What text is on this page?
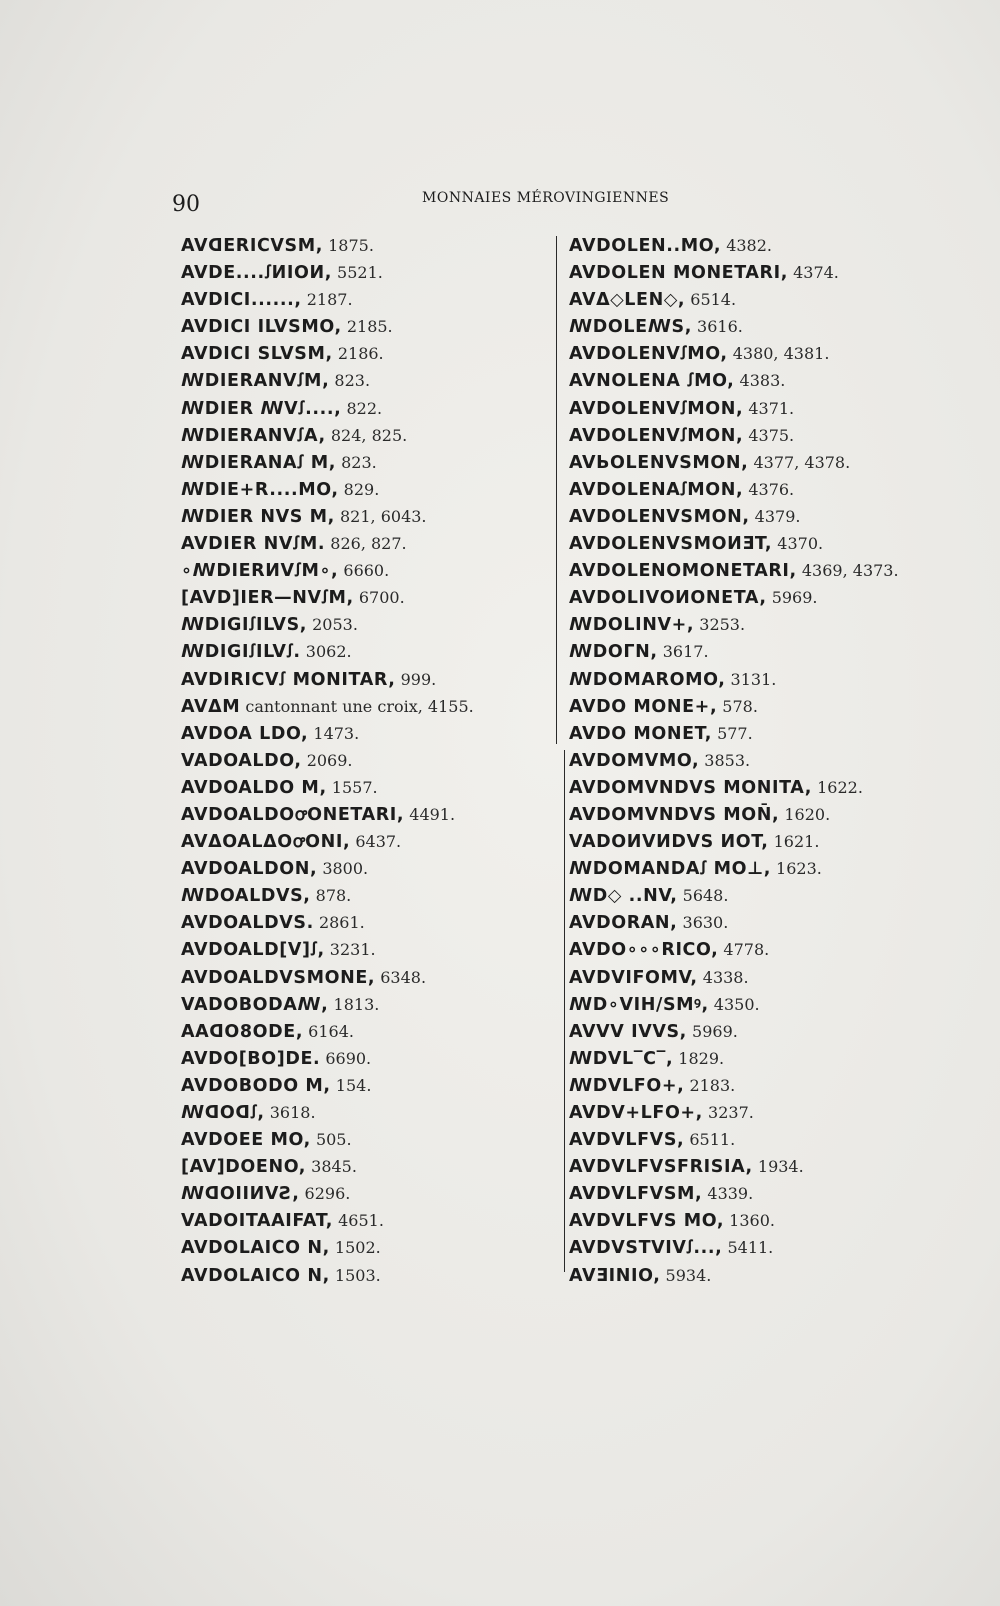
90	MONNAIES MÉROVINGIENNES
AVꓷERIꓚVSM, 1875.
AVDE....ꭍИIOИ, 5521.
AVDICI......, 2187.
AVDICI ILVSMO, 2185.
AVDICI SLVSM, 2186.
ꟿDIERANVꭍM, 823.
ꟿDIER ꟿVꭍ...., 822.
ꟿDIERANVꭍA, 824, 825.
ꟿDIERANAꭍ M, 823.
ꟿDIE+R....MO, 829.
ꟿDIER NVS M, 821, 6043.
AVDIER NVꭍM. 826, 827.
∘ꟿDIERИVꭍM∘, 6660.
[AVD]IER—NVꭍM, 6700.
ꟿDIGIꭍILVS, 2053.
ꟿDIGIꭍILVꭍ. 3062.
AVDIRICVꭍ MONITAR, 999.
AVΔM cantonnant une croix, 4155.
AVDOA LDO, 1473.
VADOALDO, 2069.
AVDOALDO M, 1557.
AVDOALDOꝍONETARI, 4491.
AVΔOALΔOꝍONI, 6437.
AVDOALDON, 3800.
ꟿDOALDVS, 878.
AVDOALDVS. 2861.
AVDOALD[V]ꭍ, 3231.
AVDOALDVSMONE, 6348.
VADOBODAꟿ, 1813.
AAꓷO8ODE, 6164.
AVDO[BO]DE. 6690.
AVDOBODO M, 154.
ꟿꓷOꓷꭍ, 3618.
AVDOEE MO, 505.
[AV]DOENO, 3845.
ꟿꓷOIIИVƧ, 6296.
VADOITAAIFAT, 4651.
AVDOLAIꓚO N, 1502.
AVDOLAIꓚO N, 1503.
AVDOLEN..MO, 4382.
AVDOLEN MONETARI, 4374.
AVΔ◇LEN◇, 6514.
ꟿDOLEꟿS, 3616.
AVDOLENVꭍMO, 4380, 4381.
AVNOLENA ꭍMO, 4383.
AVDOLENVꭍMON, 4371.
AVDOLENVꭍMON, 4375.
AVЬOLENVSMON, 4377, 4378.
AVDOLENAꭍMON, 4376.
AVDOLENVSMON, 4379.
AVDOLENVSMOИƎT, 4370.
AVDOLENOMONETARI, 4369, 4373.
AVDOLIꓦOИONETA, 5969.
ꟿDOLINV+, 3253.
ꟿDOΓN, 3617.
ꟿDOMAROMO, 3131.
AVDO MONE+, 578.
AVDO MONET, 577.
AVDOMVMO, 3853.
AVDOMVNDVS MONITA, 1622.
AVDOMVNDVS MON̄, 1620.
VADOИVИDVS ИOT, 1621.
ꟿDOMANDAꭍ MO⊥, 1623.
ꟿD◇ ..NV, 5648.
AVDORAN, 3630.
AVDO∘∘∘RICO, 4778.
AVDVIFOMV, 4338.
ꟿD∘VIH/SMꝰ, 4350.
AVꓦV IVVS, 5969.
ꟿDVL‾C‾, 1829.
ꟿDVLFO+, 2183.
AVDV+LFO+, 3237.
AVDVLFVS, 6511.
AVDVLFVSFRISIA, 1934.
AVDVLFVSM, 4339.
AVDVLFVS MO, 1360.
AVDVSTVIVꭍ..., 5411.
AVƎINIO, 5934.
